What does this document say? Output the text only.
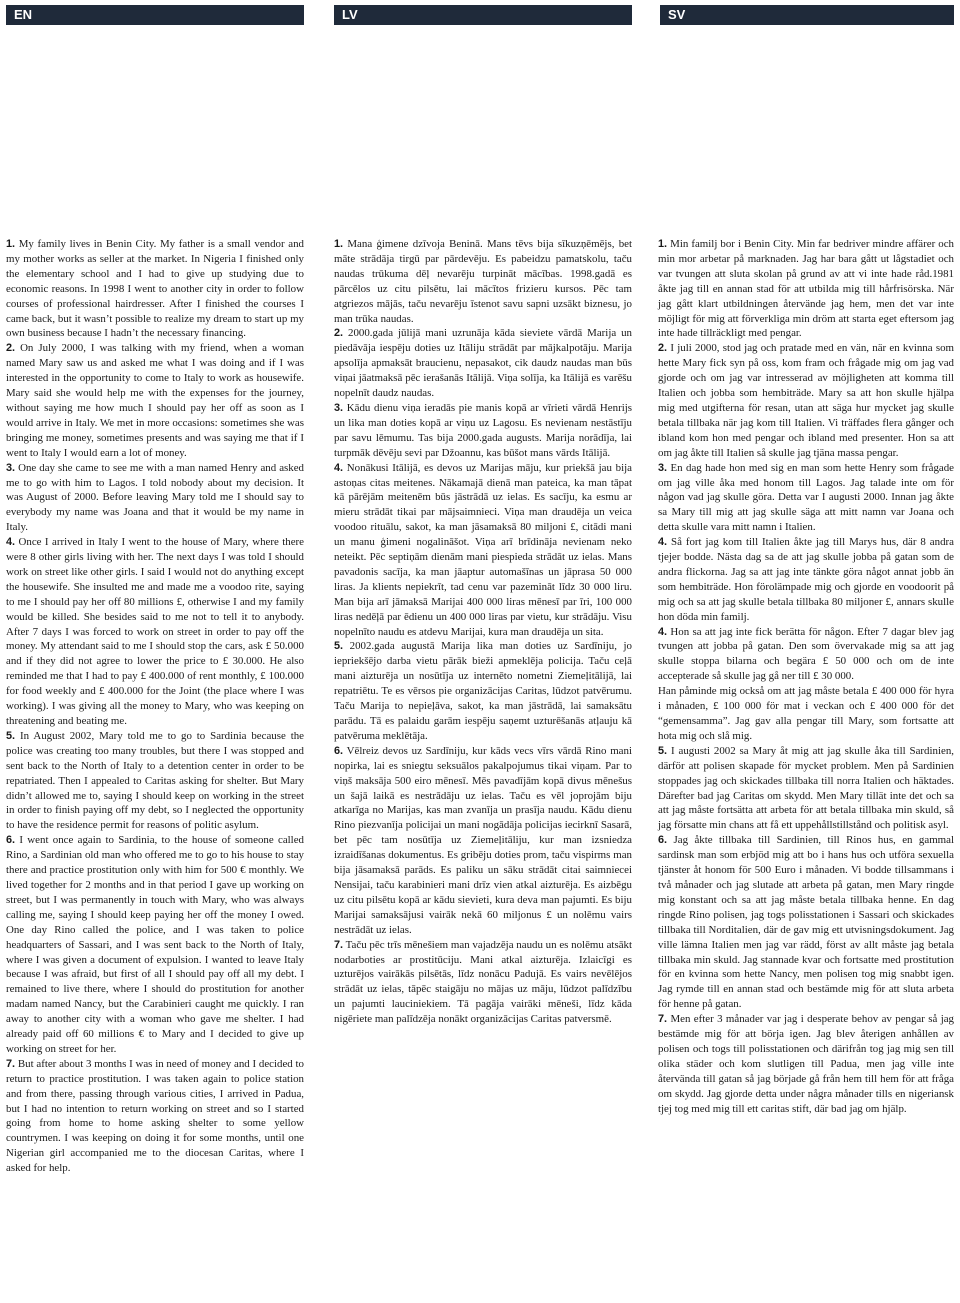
EN	LV	SV

1. My family lives in Benin City. My father is a small vendor and my mother works as seller at the market. In Nigeria I finished only the elementary school and I had to give up studying due to economic reasons. In 1998 I went to another city in order to follow courses of professional hairdresser. After I finished the courses I came back, but it wasn’t possible to realize my dream to start up my own business because I hadn’t the necessary financing.

2. On July 2000, I was talking with my friend, when a woman named Mary saw us and asked me what I was doing and if I was interested in the opportunity to come to Italy to work as housewife. Mary said she would help me with the expenses for the journey, without saying me how much I should pay her off as soon as I would arrive in Italy. We met in more occasions: sometimes she was bringing me money, sometimes presents and was saying me that if I went to Italy I would earn a lot of money.

3. One day she came to see me with a man named Henry and asked me to go with him to Lagos. I told nobody about my decision. It was August of 2000. Before leaving Mary told me I should say to everybody my name was Joana and that it would be my name in Italy.

4. Once I arrived in Italy I went to the house of Mary, where there were 8 other girls living with her. The next days I was told I should work on street like other girls. I said I would not do anything except the housewife. She insulted me and made me a voodoo rite, saying to me I should pay her off 80 millions £, otherwise I and my family would be killed. She besides said to me not to tell it to anybody. After 7 days I was forced to work on street in order to pay off the money. My attendant said to me I should stop the cars, ask £ 50.000 and if they did not agree to lower the price to £ 30.000. He also reminded me that I had to pay £ 400.000 of rent monthly, £ 100.000 for food weekly and £ 400.000 for the Joint (the place where I was working). I was giving all the money to Mary, who was keeping on threatening and beating me.

5. In August 2002, Mary told me to go to Sardinia because the police was creating too many troubles, but there I was stopped and sent back to the North of Italy to a detention center in order to be repatriated. Then I appealed to Caritas asking for shelter. But Mary didn’t allowed me to, saying I should keep on working in the street in order to finish paying off my debt, so I neglected the opportunity to have the residence permit for reasons of politic asylum.

6. I went once again to Sardinia, to the house of someone called Rino, a Sardinian old man who offered me to go to his house to stay there and practice prostitution only with him for 500 € monthly. We lived together for 2 months and in that period I gave up working on street, but I was permanently in touch with Mary, who was always calling me, saying I should keep paying her off the money I owed. One day Rino called the police, and I was taken to police headquarters of Sassari, and I was sent back to the North of Italy, where I was given a document of expulsion. I wanted to leave Italy because I was afraid, but first of all I should pay off all my debt. I remained to live there, where I should do prostitution for another madam named Nancy, but the Carabinieri caught me quickly. I ran away to another city with a woman who gave me shelter. I had already paid off 60 millions € to Mary and I decided to give up working on street for her.

7. But after about 3 months I was in need of money and I decided to return to practice prostitution. I was taken again to police station and from there, passing through various cities, I arrived in Padua, but I had no intention to return working on street and so I started going from home to home asking shelter to some yellow countrymen. I was keeping on doing it for some months, until one Nigerian girl accompanied me to the diocesan Caritas, where I asked for help.

1. Mana ģimene dzīvoja Beninā. Mans tēvs bija sīkuzņēmējs, bet māte strādāja tirgū par pārdevēju. Es pabeidzu pamatskolu, taču naudas trūkuma dēļ nevarēju turpināt mācības. 1998.gadā es pārcēlos uz citu pilsētu, lai mācītos frizieru kursos. Pēc tam atgriezos mājās, taču nevarēju īstenot savu sapni uzsākt biznesu, jo man trūka naudas.

2. 2000.gada jūlijā mani uzrunāja kāda sieviete vārdā Marija un piedāvāja iespēju doties uz Itāliju strādāt par mājkalpotāju. Marija apsolīja apmaksāt braucienu, nepasakot, cik daudz naudas man būs viņai jāatmaksā pēc ierašanās Itālijā. Viņa solīja, ka Itālijā es varēšu nopelnīt daudz naudas.

3. Kādu dienu viņa ieradās pie manis kopā ar vīrieti vārdā Henrijs un lika man doties kopā ar viņu uz Lagosu. Es nevienam nestāstīju par savu lēmumu. Tas bija 2000.gada augusts. Marija norādīja, lai turpmāk dēvēju sevi par Džoannu, kas būšot mans vārds Itālijā.

4. Nonākusi Itālijā, es devos uz Marijas māju, kur priekšā jau bija astoņas citas meitenes. Nākamajā dienā man pateica, ka man tāpat kā pārējām meitenēm būs jāstrādā uz ielas. Es sacīju, ka esmu ar mieru strādāt tikai par mājsaimnieci. Viņa man draudēja un veica voodoo rituālu, sakot, ka man jāsamaksā 80 miljoni £, citādi mani un manu ģimeni nogalināšot. Viņa arī brīdināja nevienam neko neteikt. Pēc septiņām dienām mani piespieda strādāt uz ielas. Mans pavadonis sacīja, ka man jāaptur automašīnas un jāprasa 50 000 liras. Ja klients nepiekrīt, tad cenu var pazemināt līdz 30 000 liru. Man bija arī jāmaksā Marijai 400 000 liras mēnesī par īri, 100 000 liras nedēļā par ēdienu un 400 000 liras par vietu, kur strādāju. Visu nopelnīto naudu es atdevu Marijai, kura man draudēja un sita.

5. 2002.gada augustā Marija lika man doties uz Sardīniju, jo iepriekšējo darba vietu pārāk bieži apmeklēja policija. Taču ceļā mani aizturēja un nosūtīja uz internēto nometni Ziemeļitālijā, lai repatriētu. Te es vērsos pie organizācijas Caritas, lūdzot patvērumu. Taču Marija to nepieļāva, sakot, ka man jāstrādā, lai samaksātu parādu. Tā es palaidu garām iespēju saņemt uzturēšanās atļauju kā patvēruma meklētāja.

6. Vēlreiz devos uz Sardīniju, kur kāds vecs vīrs vārdā Rino mani nopirka, lai es sniegtu seksuālos pakalpojumus tikai viņam. Par to viņš maksāja 500 eiro mēnesī. Mēs pavadījām kopā divus mēnešus un šajā laikā es nestrādāju uz ielas. Taču es vēl joprojām biju atkarīga no Marijas, kas man zvanīja un prasīja naudu. Kādu dienu Rino piezvanīja policijai un mani nogādāja policijas iecirknī Sasarā, bet pēc tam nosūtīja uz Ziemeļitāliju, kur man izsniedza izraidīšanas dokumentus. Es gribēju doties prom, taču vispirms man bija jāsamaksā parāds. Es paliku un sāku strādāt citai saimniecei Nensijai, taču karabinieri mani drīz vien atkal aizturēja. Es aizbēgu uz citu pilsētu kopā ar kādu sievieti, kura deva man pajumti. Es biju Marijai samaksājusi vairāk nekā 60 miljonus £ un nolēmu vairs nestrādāt uz ielas.

7. Taču pēc trīs mēnešiem man vajadzēja naudu un es nolēmu atsākt nodarboties ar prostitūciju. Mani atkal aizturēja. Izlaicīgi es uzturējos vairākās pilsētās, līdz nonācu Padujā. Es vairs nevēlējos strādāt uz ielas, tāpēc staigāju no mājas uz māju, lūdzot palīdzību un pajumti lauciniekiem. Tā pagāja vairāki mēneši, līdz kāda nigēriete man palīdzēja nonākt organizācijas Caritas patversmē.

1. Min familj bor i Benin City. Min far bedriver mindre affärer och min mor arbetar på marknaden. Jag har bara gått ut lågstadiet och var tvungen att sluta skolan på grund av att vi inte hade råd.1981 åkte jag till en annan stad för att utbilda mig till hårfrisörska. När jag gått klart utbildningen återvände jag hem, men det var inte möjligt för mig att förverkliga min dröm att starta eget eftersom jag inte hade tillräckligt med pengar.

2. I juli 2000, stod jag och pratade med en vän, när en kvinna som hette Mary fick syn på oss, kom fram och frågade mig om jag vad gjorde och om jag var intresserad av möjligheten att komma till Italien och jobba som hembiträde. Mary sa att hon skulle hjälpa mig med utgifterna för resan, utan att säga hur mycket jag skulle betala tillbaka när jag kom till Italien. Vi träffades flera gånger och ibland kom hon med pengar och ibland med presenter. Hon sa att om jag åkte till Italien så skulle jag tjäna massa pengar.

3. En dag hade hon med sig en man som hette Henry som frågade om jag ville åka med honom till Lagos. Jag talade inte om för någon vad jag skulle göra. Detta var I augusti 2000. Innan jag åkte sa Mary till mig att jag skulle säga att mitt namn var Joana och detta skulle vara mitt namn i Italien.

4. Så fort jag kom till Italien åkte jag till Marys hus, där 8 andra tjejer bodde. Nästa dag sa de att jag skulle jobba på gatan som de andra flickorna. Jag sa att jag inte tänkte göra något annat jobb än som hembiträde. Hon förolämpade mig och gjorde en voodoorit på mig och sa att jag skulle betala tillbaka 80 miljoner £, annars skulle hon döda min familj.

4. Hon sa att jag inte fick berätta för någon. Efter 7 dagar blev jag tvungen att jobba på gatan. Den som övervakade mig sa att jag skulle stoppa bilarna och begära £ 50 000 och om de inte accepterade så skulle jag gå ner till £ 30 000.

Han påminde mig också om att jag måste betala £ 400 000 för hyra i månaden, £ 100 000 för mat i veckan och £ 400 000 för det “gemensamma”. Jag gav alla pengar till Mary, som fortsatte att hota mig och slå mig.

5. I augusti 2002 sa Mary åt mig att jag skulle åka till Sardinien, därför att polisen skapade för mycket problem. Men på Sardinien stoppades jag och skickades tillbaka till norra Italien och häktades. Därefter bad jag Caritas om skydd. Men Mary tillät inte det och sa att jag måste fortsätta att arbeta för att betala tillbaka min skuld, så jag försatte min chans att få ett uppehållstillstånd och politisk asyl.

6. Jag åkte tillbaka till Sardinien, till Rinos hus, en gammal sardinsk man som erbjöd mig att bo i hans hus och utföra sexuella tjänster åt honom för 500 Euro i månaden. Vi bodde tillsammans i två månader och jag slutade att arbeta på gatan, men Mary ringde mig konstant och sa att jag måste betala tillbaka henne. En dag ringde Rino polisen, jag togs polisstationen i Sassari och skickades tillbaka till Norditalien, där de gav mig ett utvisningsdokument. Jag ville lämna Italien men jag var rädd, först av allt måste jag betala tillbaka min skuld. Jag stannade kvar och fortsatte med prostitution för en kvinna som hette Nancy, men polisen tog mig snabbt igen. Jag rymde till en annan stad och bestämde mig för att sluta arbeta för henne på gatan.

7. Men efter 3 månader var jag i desperate behov av pengar så jag bestämde mig för att börja igen. Jag blev återigen anhållen av polisen och togs till polisstationen och därifrån tog jag mig sen till olika städer och kom slutligen till Padua, men jag ville inte återvända till gatan så jag började gå från hem till hem för att fråga om skydd. Jag gjorde detta under några månader tills en nigeriansk tjej tog med mig till ett caritas stift, där bad jag om hjälp.
